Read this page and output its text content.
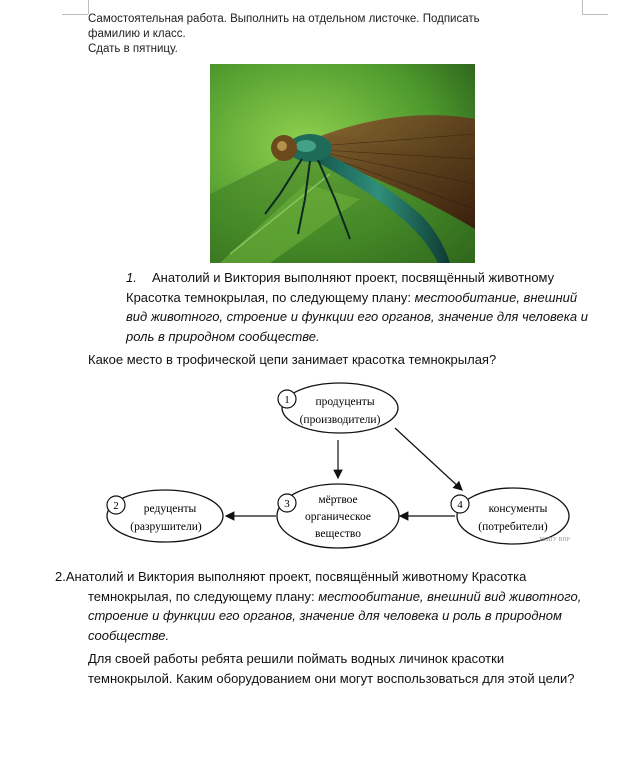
Самостоятельная работа. Выполнить на отдельном листочке. Подписать
фамилию и класс.
Сдать в пятницу.
1. Анатолий и Виктория выполняют проект, посвящённый животному Красотка темнокрылая, по следующему плану: местообитание, внешний вид животного, строение и функции его органов, значение для человека и роль в природном сообществе.
Какое место в трофической цепи занимает красотка темнокрылая?
1 продуценты
(производители)
2 редуценты
(разрушители)
3 мёртвое
органическое
вещество
4 консументы
(потребители)
РЕШУ ВПР
2.Анатолий и Виктория выполняют проект, посвящённый животному Красотка
темнокрылая, по следующему плану: местообитание, внешний вид животного, строение и функции его органов, значение для человека и роль в природном сообществе.
Для своей работы ребята решили поймать водных личинок красотки темнокрылой. Каким оборудованием они могут воспользоваться для этой цели?
